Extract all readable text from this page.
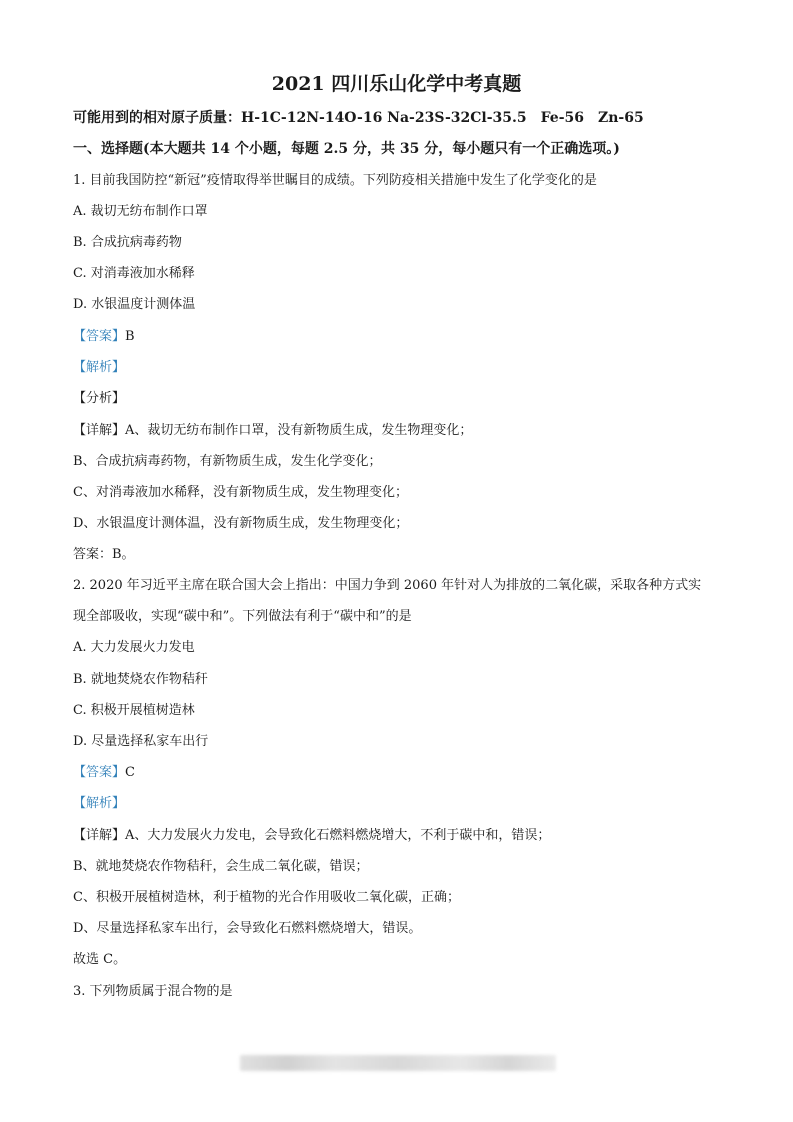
2021 四川乐山化学中考真题
可能用到的相对原子质量：H-1C-12N-14O-16 Na-23S-32Cl-35.5　Fe-56　Zn-65
一、选择题(本大题共 14 个小题，每题 2.5 分，共 35 分，每小题只有一个正确选项。)
1. 目前我国防控“新冠”疫情取得举世瞩目的成绩。下列防疫相关措施中发生了化学变化的是
A. 裁切无纺布制作口罩
B. 合成抗病毒药物
C. 对消毒液加水稀释
D. 水银温度计测体温
【答案】B
【解析】
【分析】
【详解】A、裁切无纺布制作口罩，没有新物质生成，发生物理变化；
B、合成抗病毒药物，有新物质生成，发生化学变化；
C、对消毒液加水稀释，没有新物质生成，发生物理变化；
D、水银温度计测体温，没有新物质生成，发生物理变化；
答案：B。
2. 2020 年习近平主席在联合国大会上指出：中国力争到 2060 年针对人为排放的二氧化碳，采取各种方式实
现全部吸收，实现“碳中和”。下列做法有利于“碳中和”的是
A. 大力发展火力发电
B. 就地焚烧农作物秸秆
C. 积极开展植树造林
D. 尽量选择私家车出行
【答案】C
【解析】
【详解】A、大力发展火力发电，会导致化石燃料燃烧增大，不利于碳中和，错误；
B、就地焚烧农作物秸秆，会生成二氧化碳，错误；
C、积极开展植树造林，利于植物的光合作用吸收二氧化碳，正确；
D、尽量选择私家车出行，会导致化石燃料燃烧增大，错误。
故选 C。
3. 下列物质属于混合物的是
